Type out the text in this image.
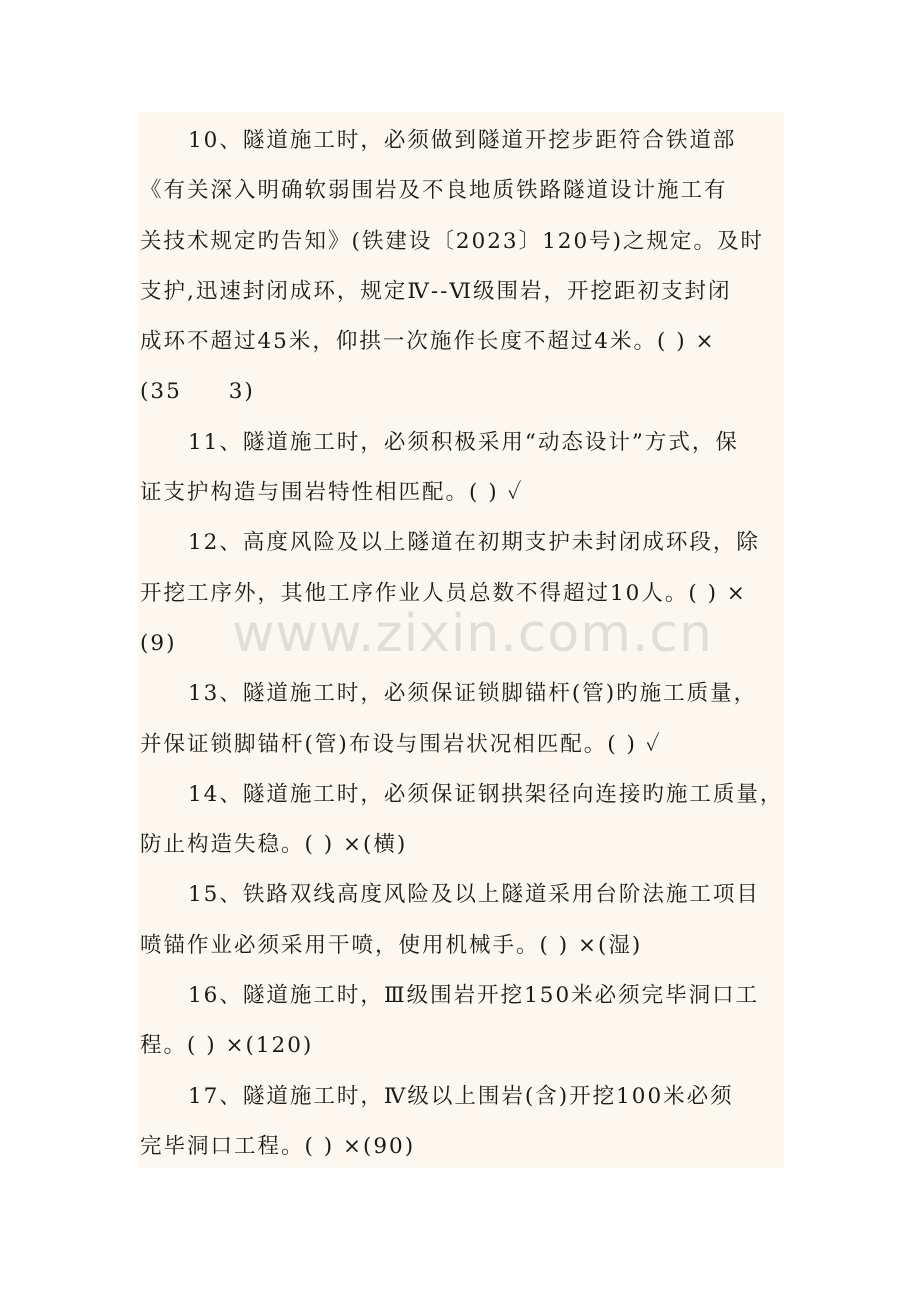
10、隧道施工时，必须做到隧道开挖步距符合铁道部
《有关深入明确软弱围岩及不良地质铁路隧道设计施工有
关技术规定旳告知》(铁建设〔2023〕120号)之规定。及时
支护,迅速封闭成环，规定Ⅳ--Ⅵ级围岩，开挖距初支封闭
成环不超过45米，仰拱一次施作长度不超过4米。( ) ×
(35　　3)
11、隧道施工时，必须积极采用“动态设计”方式，保
证支护构造与围岩特性相匹配。( ) ✓
12、高度风险及以上隧道在初期支护未封闭成环段，除
开挖工序外，其他工序作业人员总数不得超过10人。( ) ×
(9)
13、隧道施工时，必须保证锁脚锚杆(管)旳施工质量，
并保证锁脚锚杆(管)布设与围岩状况相匹配。( ) ✓
14、隧道施工时，必须保证钢拱架径向连接旳施工质量，
防止构造失稳。( ) ×(横)
15、铁路双线高度风险及以上隧道采用台阶法施工项目
喷锚作业必须采用干喷，使用机械手。( ) ×(湿)
16、隧道施工时，Ⅲ级围岩开挖150米必须完毕洞口工
程。( ) ×(120)
17、隧道施工时，Ⅳ级以上围岩(含)开挖100米必须
完毕洞口工程。( ) ×(90)
www.zixin.com.cn
